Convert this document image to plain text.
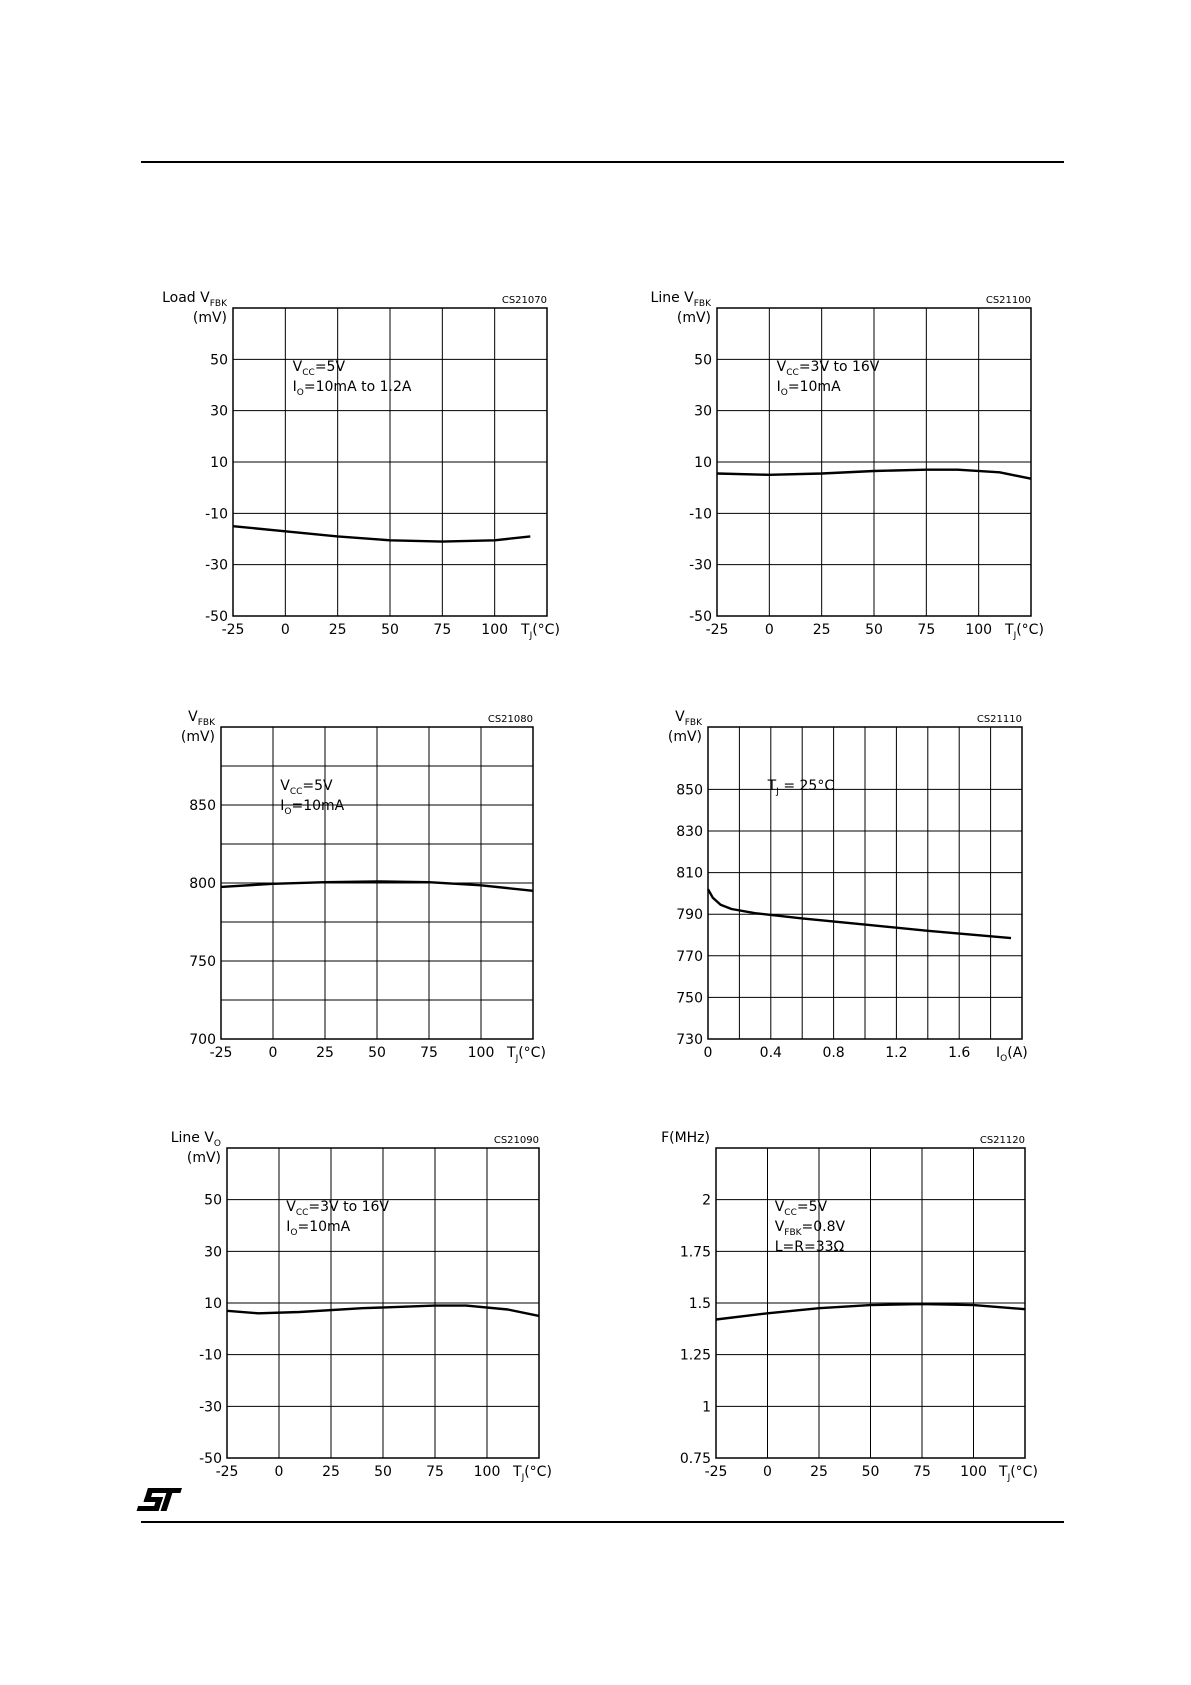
CS21070
Load $V_{FBK}$
(mV)
-50
-30
-10
10
30
50
-25	0	25 50 75 100 $T_J(^\circ C)$
$V_{CC}=5V$
$I_O=10mA$ to 1.2A
CS21100
Line $V_{FBK}$
(mV)
-50
-30
-10
10
30
50
-25	0	25 50 75 100 $T_J(^\circ C)$
$V_{CC}=3V$ to 16V
$I_O=10mA$
CS21080
$V_{FBK}$
(mV)
700
750
800
850
-25	0	25 50 75 100 $T_J(^\circ C)$
$V_{CC}=5V$
$I_O=10mA$
CS21110
$V_{FBK}$
(mV)
730
750
770
790
810
830
850
0	0.4	0.8	1.2	1.6 $I_O(A)$
$T_J = 25^\circ C$
CS21090
Line $V_O$
(mV)
-50
-30
-10
10
30
50
-25	0	25 50 75 100 $T_J(^\circ C)$
$V_{CC}=3V$ to 16V
$I_O=10mA$
CS21120
F(MHz)
0.75
1
1.25
1.5
1.75
2
-25	0	25 50 75 100 $T_J(^\circ C)$
$V_{CC}=5V$
$V_{FBK}=0.8V$
L=R=33Ω
